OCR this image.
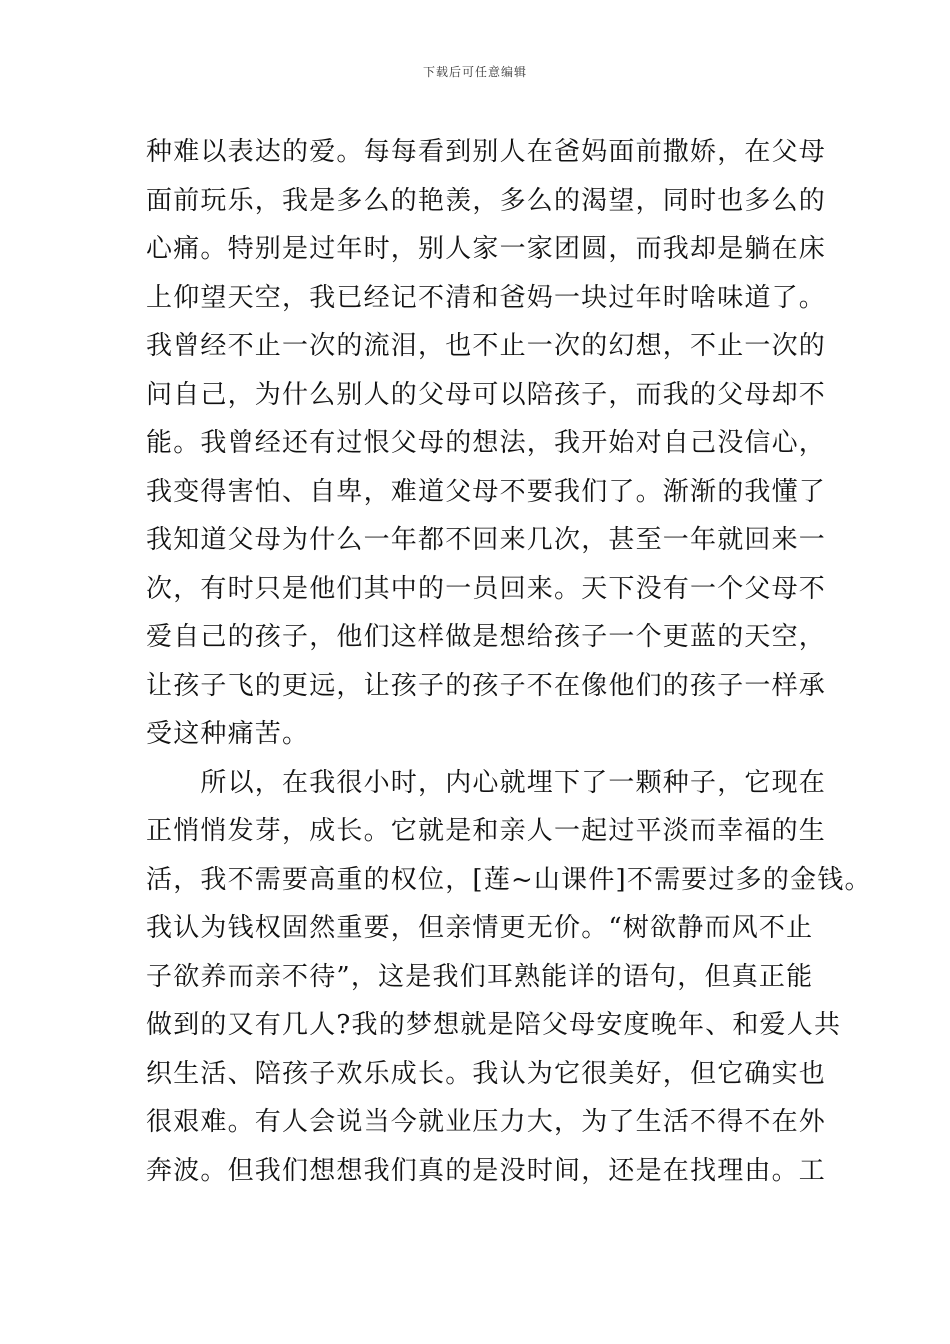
下载后可任意编辑
种难以表达的爱。每每看到别人在爸妈面前撒娇，在父母
面前玩乐，我是多么的艳羡，多么的渴望，同时也多么的
心痛。特别是过年时，别人家一家团圆，而我却是躺在床
上仰望天空，我已经记不清和爸妈一块过年时啥味道了。
我曾经不止一次的流泪，也不止一次的幻想，不止一次的
问自己，为什么别人的父母可以陪孩子，而我的父母却不
能。我曾经还有过恨父母的想法，我开始对自己没信心，
我变得害怕、自卑，难道父母不要我们了。渐渐的我懂了
我知道父母为什么一年都不回来几次，甚至一年就回来一
次，有时只是他们其中的一员回来。天下没有一个父母不
爱自己的孩子，他们这样做是想给孩子一个更蓝的天空，
让孩子飞的更远，让孩子的孩子不在像他们的孩子一样承
受这种痛苦。
　　所以，在我很小时，内心就埋下了一颗种子，它现在
正悄悄发芽，成长。它就是和亲人一起过平淡而幸福的生
活，我不需要高重的权位，[莲~山课件]不需要过多的金钱。
我认为钱权固然重要，但亲情更无价。“树欲静而风不止
子欲养而亲不待”，这是我们耳熟能详的语句，但真正能
做到的又有几人?我的梦想就是陪父母安度晚年、和爱人共
织生活、陪孩子欢乐成长。我认为它很美好，但它确实也
很艰难。有人会说当今就业压力大，为了生活不得不在外
奔波。但我们想想我们真的是没时间，还是在找理由。工
